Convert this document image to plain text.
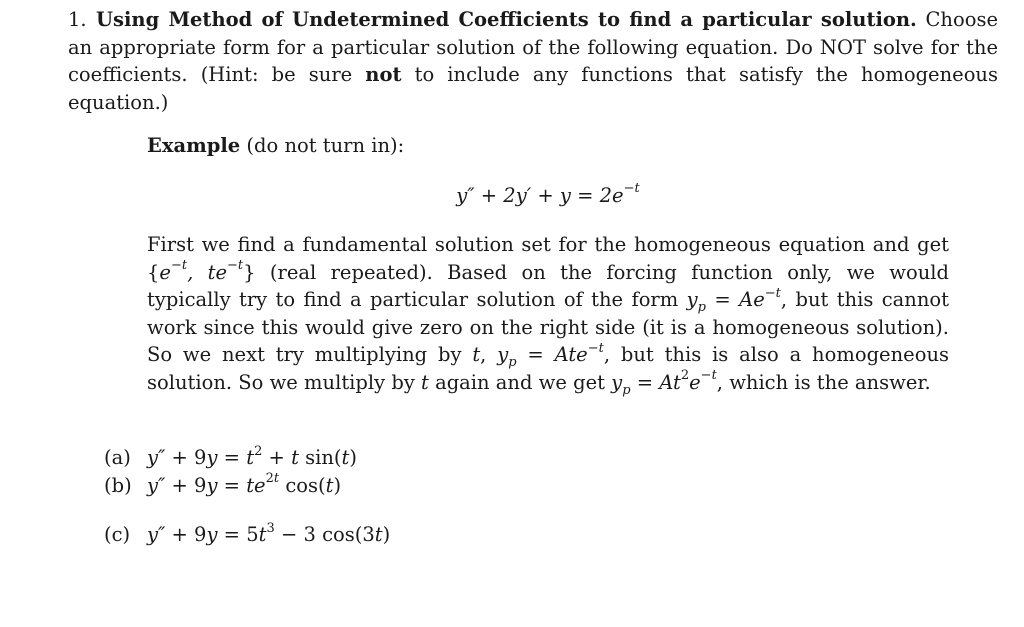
1. Using Method of Undetermined Coefficients to find a particular solution. Choose an appropriate form for a particular solution of the following equation. Do NOT solve for the coefficients. (Hint: be sure not to include any functions that satisfy the homogeneous equation.)
Example (do not turn in):
$y'' + 2y' + y = 2e^{-t}$
First we find a fundamental solution set for the homogeneous equation and get {$e^{-t}$, $te^{-t}$} (real repeated). Based on the forcing function only, we would typically try to find a particular solution of the form $y_p = Ae^{-t}$, but this cannot work since this would give zero on the right side (it is a homogeneous solution). So we next try multiplying by t, $y_p = Ate^{-t}$, but this is also a homogeneous solution. So we multiply by t again and we get $y_p = At^2e^{-t}$, which is the answer.
(a) $y'' + 9y = t^2 + t$ sin(t)
(b) $y'' + 9y = te^{2t}$ cos(t)
(c) $y'' + 9y = 5t^3 - 3$ cos(3t)
